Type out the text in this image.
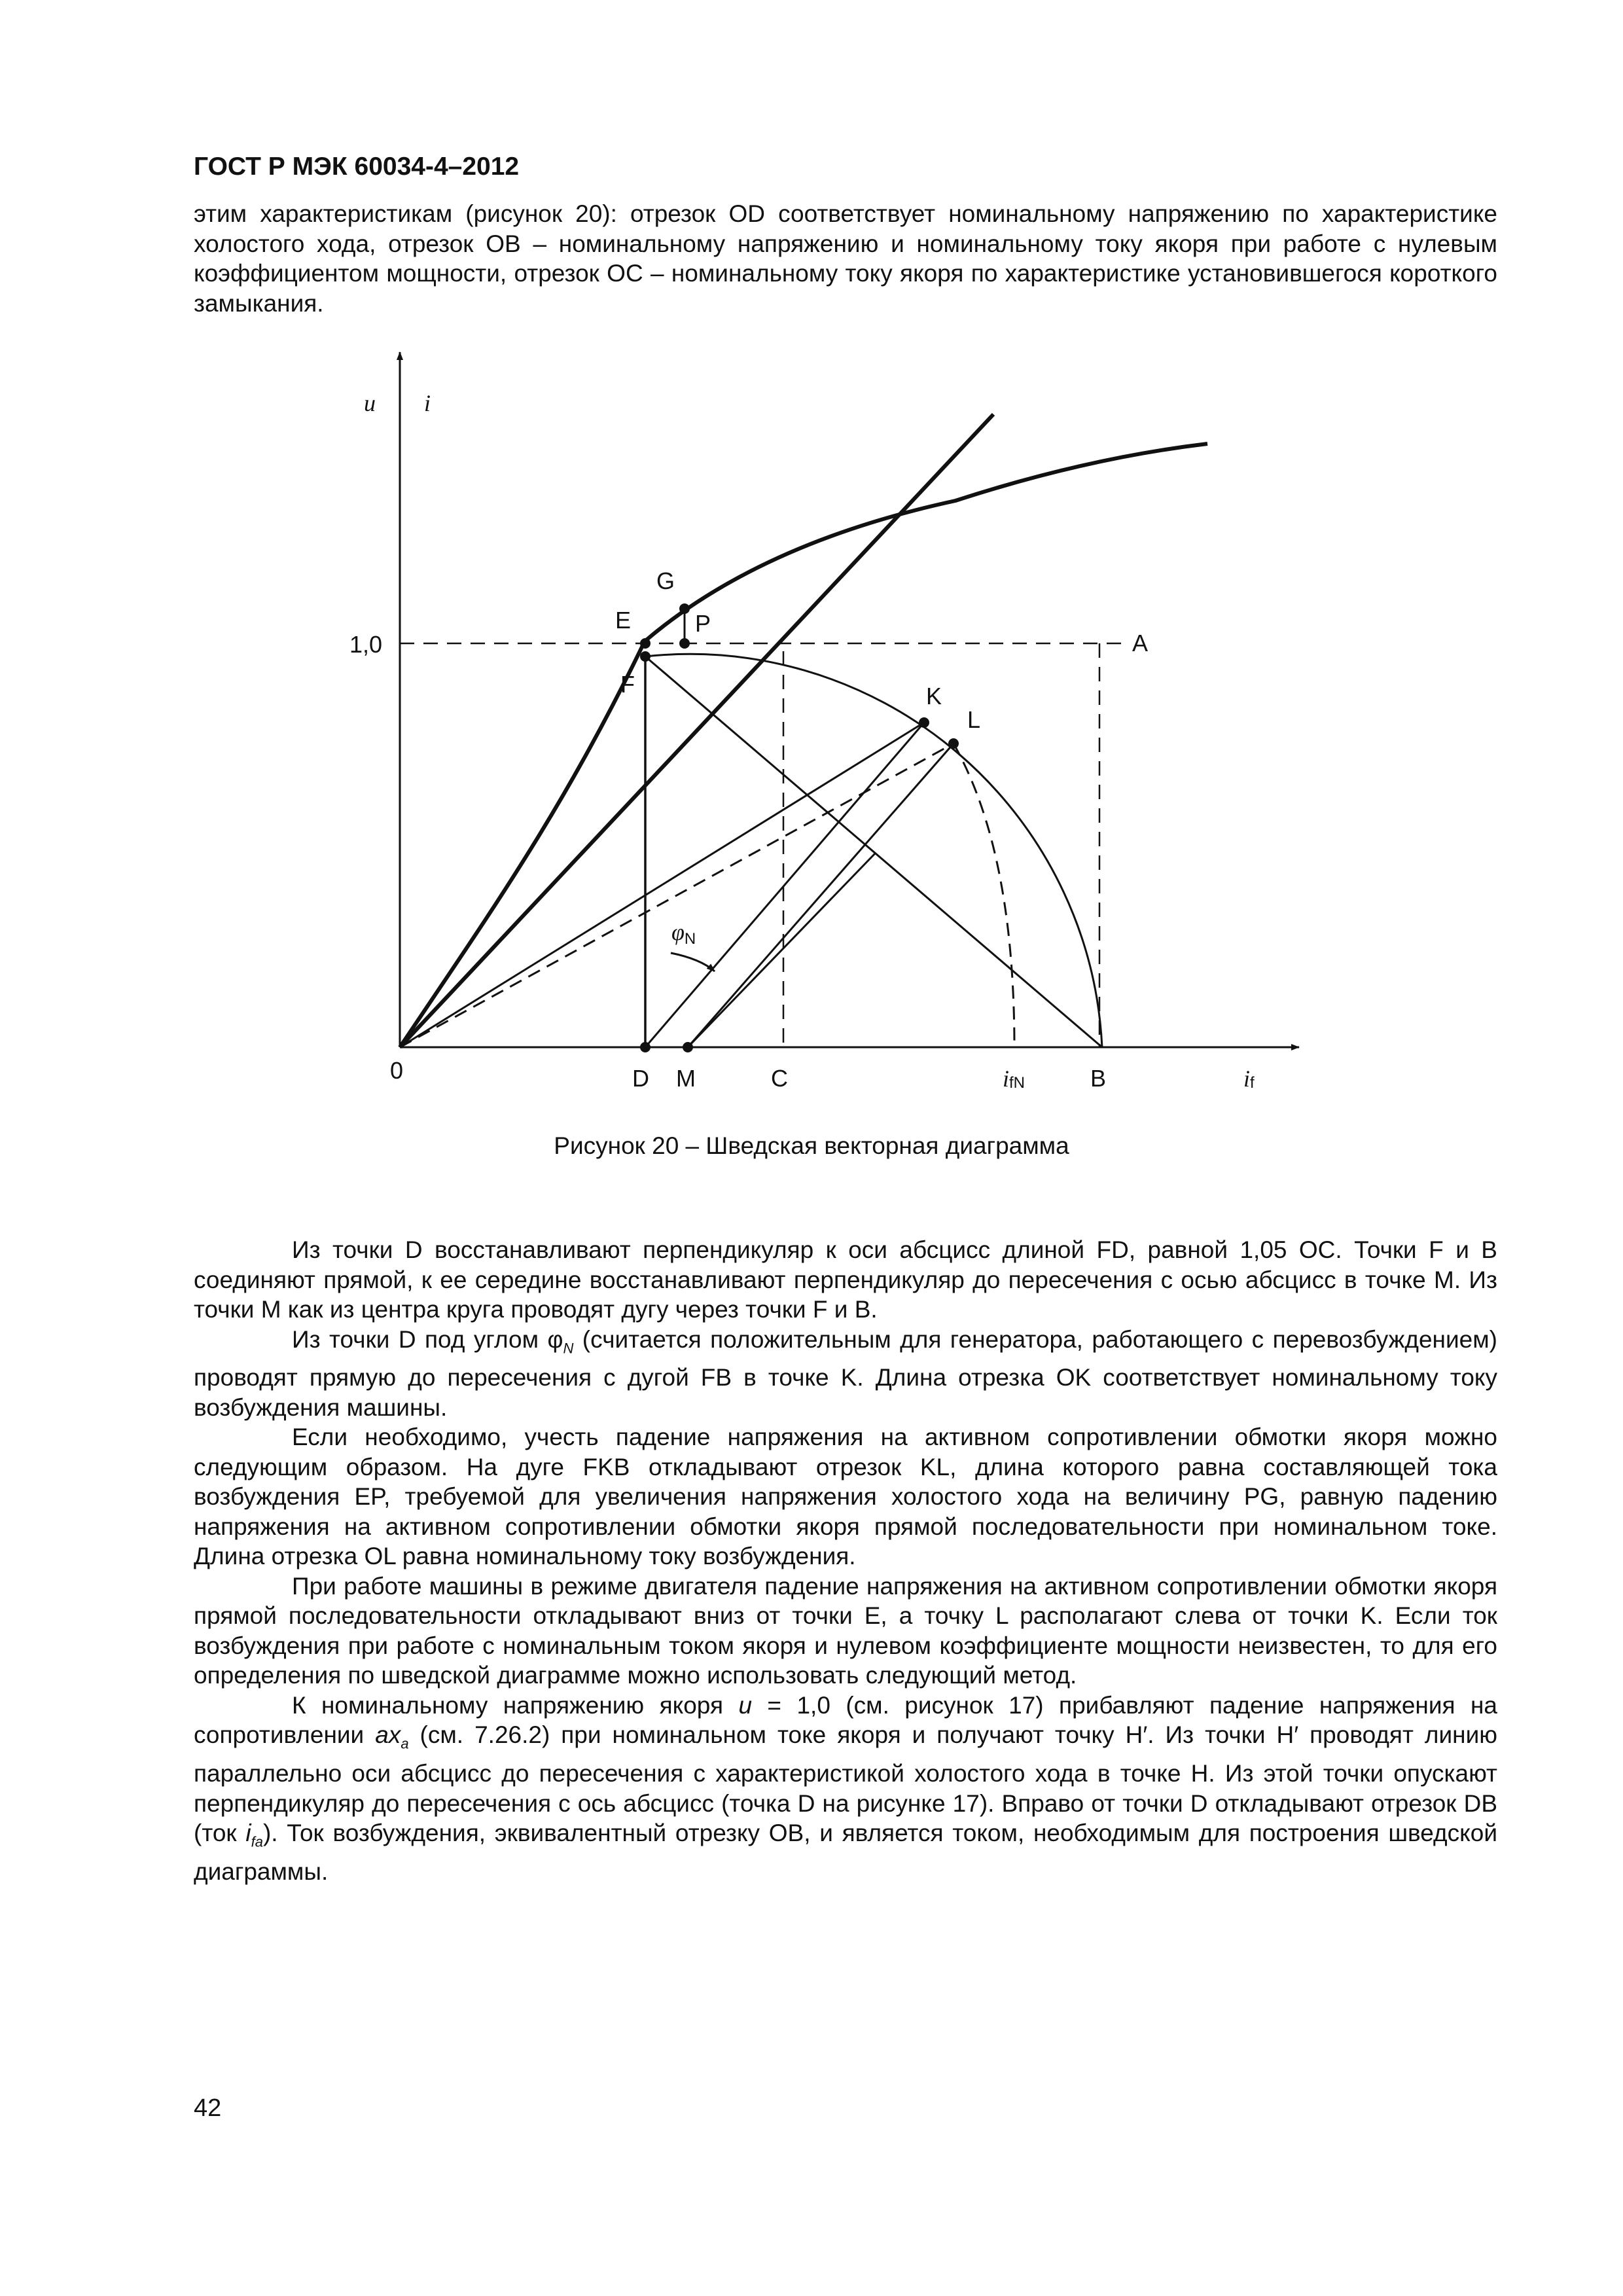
ГОСТ Р МЭК 60034-4–2012
этим характеристикам (рисунок 20): отрезок OD соответствует номинальному напряжению по характеристике холостого хода, отрезок OB – номинальному напряжению и номинальному току якоря при работе с нулевым коэффициентом мощности, отрезок OC – номинальному току якоря по характеристике установившегося короткого замыкания.
u i
1,0
0
A
E
F
G
P
K
L
D M	C	B
ifN	if
φN
Рисунок 20 – Шведская векторная диаграмма
Из точки D восстанавливают перпендикуляр к оси абсцисс длиной FD, равной 1,05 OC. Точки F и B соединяют прямой, к ее середине восстанавливают перпендикуляр до пересечения с осью абсцисс в точке M. Из точки M как из центра круга проводят дугу через точки F и B.
Из точки D под углом $\varphi_N$ (считается положительным для генератора, работающего с перевозбуждением) проводят прямую до пересечения с дугой FB в точке K. Длина отрезка OK соответствует номинальному току возбуждения машины.
Если необходимо, учесть падение напряжения на активном сопротивлении обмотки якоря можно следующим образом. На дуге FKB откладывают отрезок KL, длина которого равна составляющей тока возбуждения EP, требуемой для увеличения напряжения холостого хода на величину PG, равную падению напряжения на активном сопротивлении обмотки якоря прямой последовательности при номинальном токе. Длина отрезка OL равна номинальному току возбуждения.
При работе машины в режиме двигателя падение напряжения на активном сопротивлении обмотки якоря прямой последовательности откладывают вниз от точки E, а точку L располагают слева от точки K. Если ток возбуждения при работе с номинальным током якоря и нулевом коэффициенте мощности неизвестен, то для его определения по шведской диаграмме можно использовать следующий метод.
К номинальному напряжению якоря u = 1,0 (см. рисунок 17) прибавляют падение напряжения на сопротивлении $ax_a$ (см. 7.26.2) при номинальном токе якоря и получают точку H′. Из точки H′ проводят линию параллельно оси абсцисс до пересечения с характеристикой холостого хода в точке H. Из этой точки опускают перпендикуляр до пересечения с ось абсцисс (точка D на рисунке 17). Вправо от точки D откладывают отрезок DB (ток $i_{fa}$). Ток возбуждения, эквивалентный отрезку OB, и является током, необходимым для построения шведской диаграммы.
42
